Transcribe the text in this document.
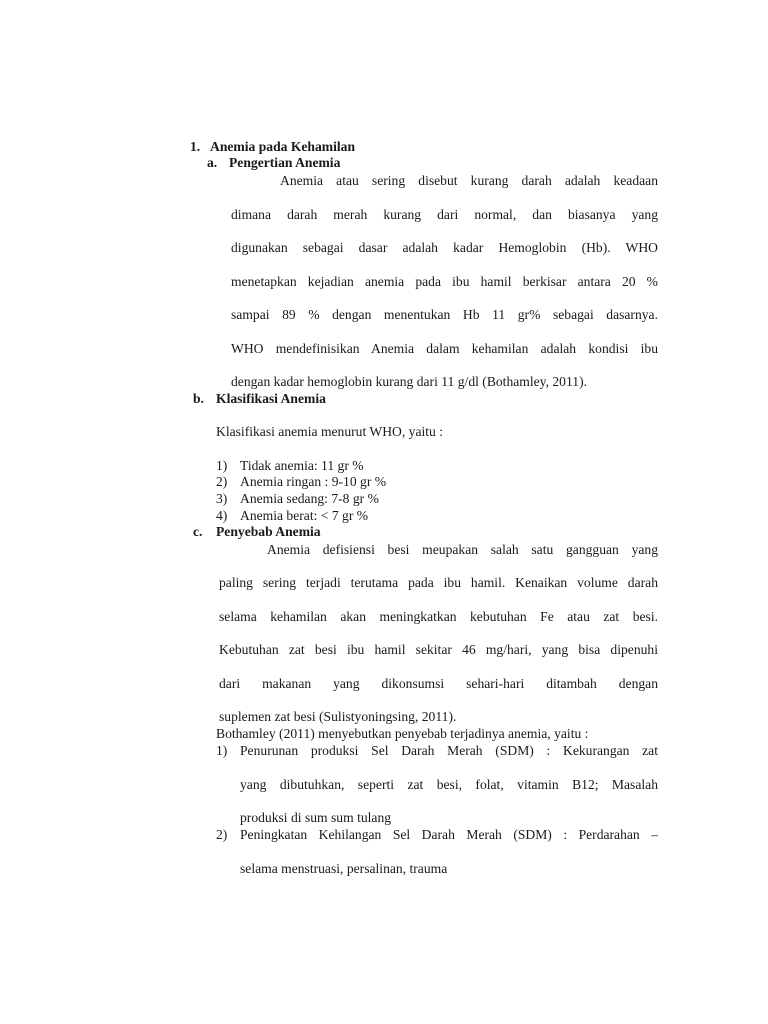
1. Anemia pada Kehamilan
a. Pengertian Anemia
Anemia atau sering disebut kurang darah adalah keadaan
dimana darah merah kurang dari normal, dan biasanya yang
digunakan sebagai dasar adalah kadar Hemoglobin (Hb). WHO
menetapkan kejadian anemia pada ibu hamil berkisar antara 20 %
sampai 89 % dengan menentukan Hb 11 gr% sebagai dasarnya.
WHO mendefinisikan Anemia dalam kehamilan adalah kondisi ibu
dengan kadar hemoglobin kurang dari 11 g/dl (Bothamley, 2011).
b. Klasifikasi Anemia
Klasifikasi anemia menurut WHO, yaitu :
1) Tidak anemia: 11 gr %
2) Anemia ringan : 9-10 gr %
3) Anemia sedang: 7-8 gr %
4) Anemia berat: < 7 gr %
c. Penyebab Anemia
Anemia defisiensi besi meupakan salah satu gangguan yang
paling sering terjadi terutama pada ibu hamil. Kenaikan volume darah
selama kehamilan akan meningkatkan kebutuhan Fe atau zat besi.
Kebutuhan zat besi ibu hamil sekitar 46 mg/hari, yang bisa dipenuhi
dari makanan yang dikonsumsi sehari-hari ditambah dengan
suplemen zat besi (Sulistyoningsing, 2011).
Bothamley (2011) menyebutkan penyebab terjadinya anemia, yaitu :
1) Penurunan produksi Sel Darah Merah (SDM) : Kekurangan zat
yang dibutuhkan, seperti zat besi, folat, vitamin B12; Masalah
produksi di sum sum tulang
2) Peningkatan Kehilangan Sel Darah Merah (SDM) : Perdarahan –
selama menstruasi, persalinan, trauma
